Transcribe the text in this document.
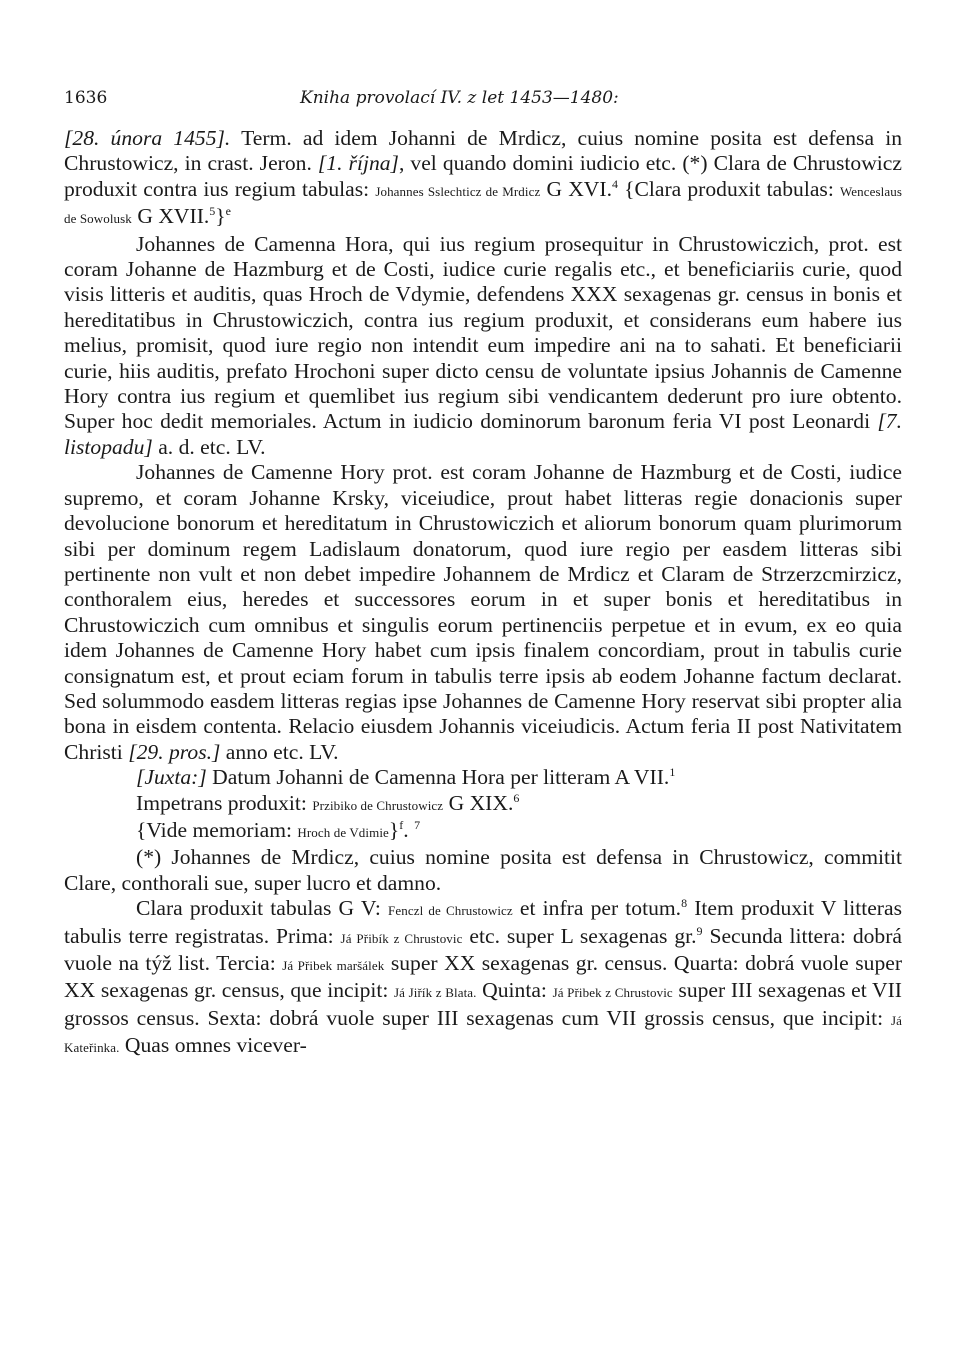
1636	Kniha provolací IV. z let 1453—1480:

[28. února 1455]. Term. ad idem Johanni de Mrdicz, cuius nomine posita est defensa in Chrustowicz, in crast. Jeron. [1. října], vel quando domini iudicio etc. (*) Clara de Chrustowicz produxit contra ius regium tabulas: Johannes Sslechticz de Mrdicz G XVI.$^4$ {Clara produxit tabulas: Wenceslaus de Sowolusk G XVII.$^5$}$^e$

Johannes de Camenna Hora, qui ius regium prosequitur in Chrustowiczich, prot. est coram Johanne de Hazmburg et de Costi, iudice curie regalis etc., et beneficiariis curie, quod visis litteris et auditis, quas Hroch de Vdymie, defendens XXX sexagenas gr. census in bonis et hereditatibus in Chrustowiczich, contra ius regium produxit, et considerans eum habere ius melius, promisit, quod iure regio non intendit eum impedire ani na to sahati. Et beneficiarii curie, hiis auditis, prefato Hrochoni super dicto censu de voluntate ipsius Johannis de Camenne Hory contra ius regium et quemlibet ius regium sibi vendicantem dederunt pro iure obtento. Super hoc dedit memoriales. Actum in iudicio dominorum baronum feria VI post Leonardi [7. listopadu] a. d. etc. LV.

Johannes de Camenne Hory prot. est coram Johanne de Hazmburg et de Costi, iudice supremo, et coram Johanne Krsky, viceiudice, prout habet litteras regie donacionis super devolucione bonorum et hereditatum in Chrustowiczich et aliorum bonorum quam plurimorum sibi per dominum regem Ladislaum donatorum, quod iure regio per easdem litteras sibi pertinente non vult et non debet impedire Johannem de Mrdicz et Claram de Strzerzcmirzicz, conthoralem eius, heredes et successores eorum in et super bonis et hereditatibus in Chrustowiczich cum omnibus et singulis eorum pertinenciis perpetue et in evum, ex eo quia idem Johannes de Camenne Hory habet cum ipsis finalem concordiam, prout in tabulis curie consignatum est, et prout eciam forum in tabulis terre ipsis ab eodem Johanne factum declarat. Sed solummodo easdem litteras regias ipse Johannes de Camenne Hory reservat sibi propter alia bona in eisdem contenta. Relacio eiusdem Johannis viceiudicis. Actum feria II post Nativitatem Christi [29. pros.] anno etc. LV.

[Juxta:] Datum Johanni de Camenna Hora per litteram A VII.$^1$

Impetrans produxit: Przibiko de Chrustowicz G XIX.$^6$

{Vide memoriam: Hroch de Vdimie}$^f$. $^7$

(*) Johannes de Mrdicz, cuius nomine posita est defensa in Chrustowicz, commitit Clare, conthorali sue, super lucro et damno.

Clara produxit tabulas G V: Fenczl de Chrustowicz et infra per totum.$^8$ Item produxit V litteras tabulis terre registratas. Prima: Já Přibík z Chrustovic etc. super L sexagenas gr.$^9$ Secunda littera: dobrá vuole na týž list. Tercia: Já Přibek maršálek super XX sexagenas gr. census. Quarta: dobrá vuole super XX sexagenas gr. census, que incipit: Já Jiřík z Blata. Quinta: Já Přibek z Chrustovic super III sexagenas et VII grossos census. Sexta: dobrá vuole super III sexagenas cum VII grossis census, que incipit: Já Kateřinka. Quas omnes vicever-
